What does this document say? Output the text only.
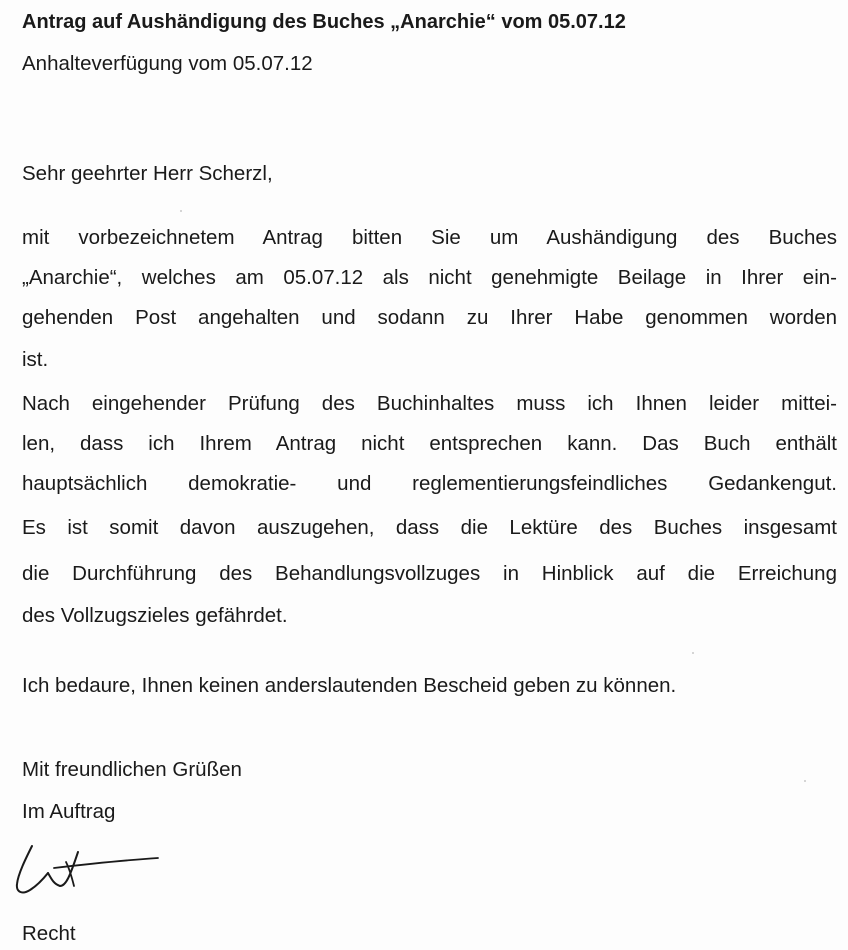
Antrag auf Aushändigung des Buches „Anarchie“ vom 05.07.12
Anhalteverfügung vom 05.07.12
Sehr geehrter Herr Scherzl,
mit vorbezeichnetem Antrag bitten Sie um Aushändigung des Buches
„Anarchie“, welches am 05.07.12 als nicht genehmigte Beilage in Ihrer ein-
gehenden Post angehalten und sodann zu Ihrer Habe genommen worden
ist.
Nach eingehender Prüfung des Buchinhaltes muss ich Ihnen leider mittei-
len, dass ich Ihrem Antrag nicht entsprechen kann. Das Buch enthält
hauptsächlich demokratie- und reglementierungsfeindliches Gedankengut.
Es ist somit davon auszugehen, dass die Lektüre des Buches insgesamt
die Durchführung des Behandlungsvollzuges in Hinblick auf die Erreichung
des Vollzugszieles gefährdet.
Ich bedaure, Ihnen keinen anderslautenden Bescheid geben zu können.
Mit freundlichen Grüßen
Im Auftrag
Recht
